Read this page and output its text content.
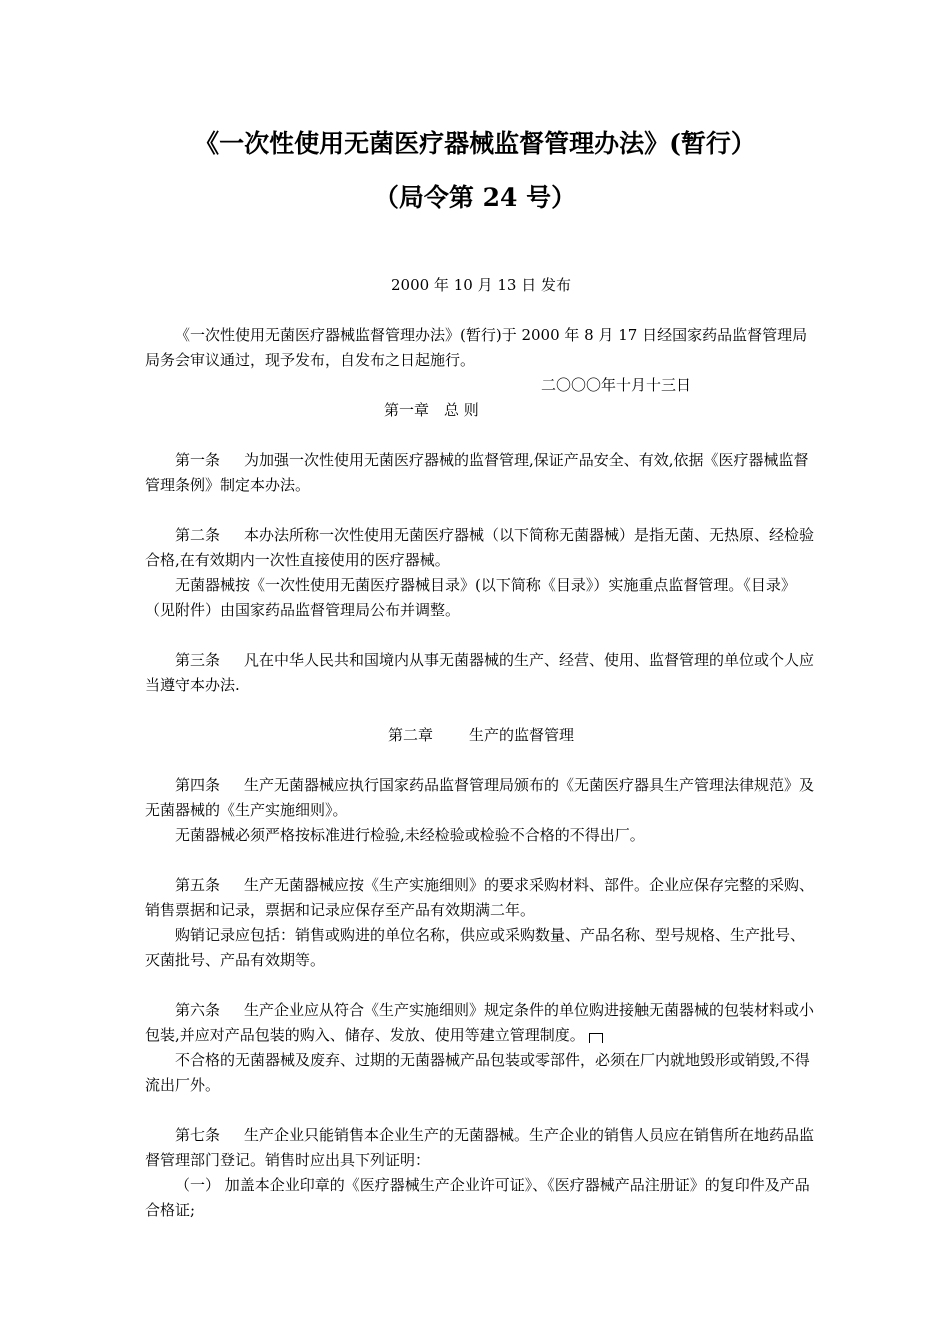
《一次性使用无菌医疗器械监督管理办法》(暂行）
（局令第 24 号）
2000 年 10 月 13 日 发布
《一次性使用无菌医疗器械监督管理办法》(暂行)于 2000 年 8 月 17 日经国家药品监督管理局局务会审议通过，现予发布，自发布之日起施行。
二〇〇〇年十月十三日
第一章  总 则
第一条 为加强一次性使用无菌医疗器械的监督管理,保证产品安全、有效,依据《医疗器械监督管理条例》制定本办法。
第二条 本办法所称一次性使用无菌医疗器械（以下简称无菌器械）是指无菌、无热原、经检验合格,在有效期内一次性直接使用的医疗器械。
无菌器械按《一次性使用无菌医疗器械目录》(以下简称《目录》）实施重点监督管理。《目录》（见附件）由国家药品监督管理局公布并调整。
第三条 凡在中华人民共和国境内从事无菌器械的生产、经营、使用、监督管理的单位或个人应当遵守本办法.
第二章 生产的监督管理
第四条 生产无菌器械应执行国家药品监督管理局颁布的《无菌医疗器具生产管理法律规范》及无菌器械的《生产实施细则》。
无菌器械必须严格按标准进行检验,未经检验或检验不合格的不得出厂。
第五条 生产无菌器械应按《生产实施细则》的要求采购材料、部件。企业应保存完整的采购、销售票据和记录，票据和记录应保存至产品有效期满二年。
购销记录应包括：销售或购进的单位名称，供应或采购数量、产品名称、型号规格、生产批号、灭菌批号、产品有效期等。
第六条 生产企业应从符合《生产实施细则》规定条件的单位购进接触无菌器械的包装材料或小包装,并应对产品包装的购入、储存、发放、使用等建立管理制度。
不合格的无菌器械及废弃、过期的无菌器械产品包装或零部件，必须在厂内就地毁形或销毁,不得流出厂外。
第七条 生产企业只能销售本企业生产的无菌器械。生产企业的销售人员应在销售所在地药品监督管理部门登记。销售时应出具下列证明：
（一） 加盖本企业印章的《医疗器械生产企业许可证》、《医疗器械产品注册证》的复印件及产品合格证;
